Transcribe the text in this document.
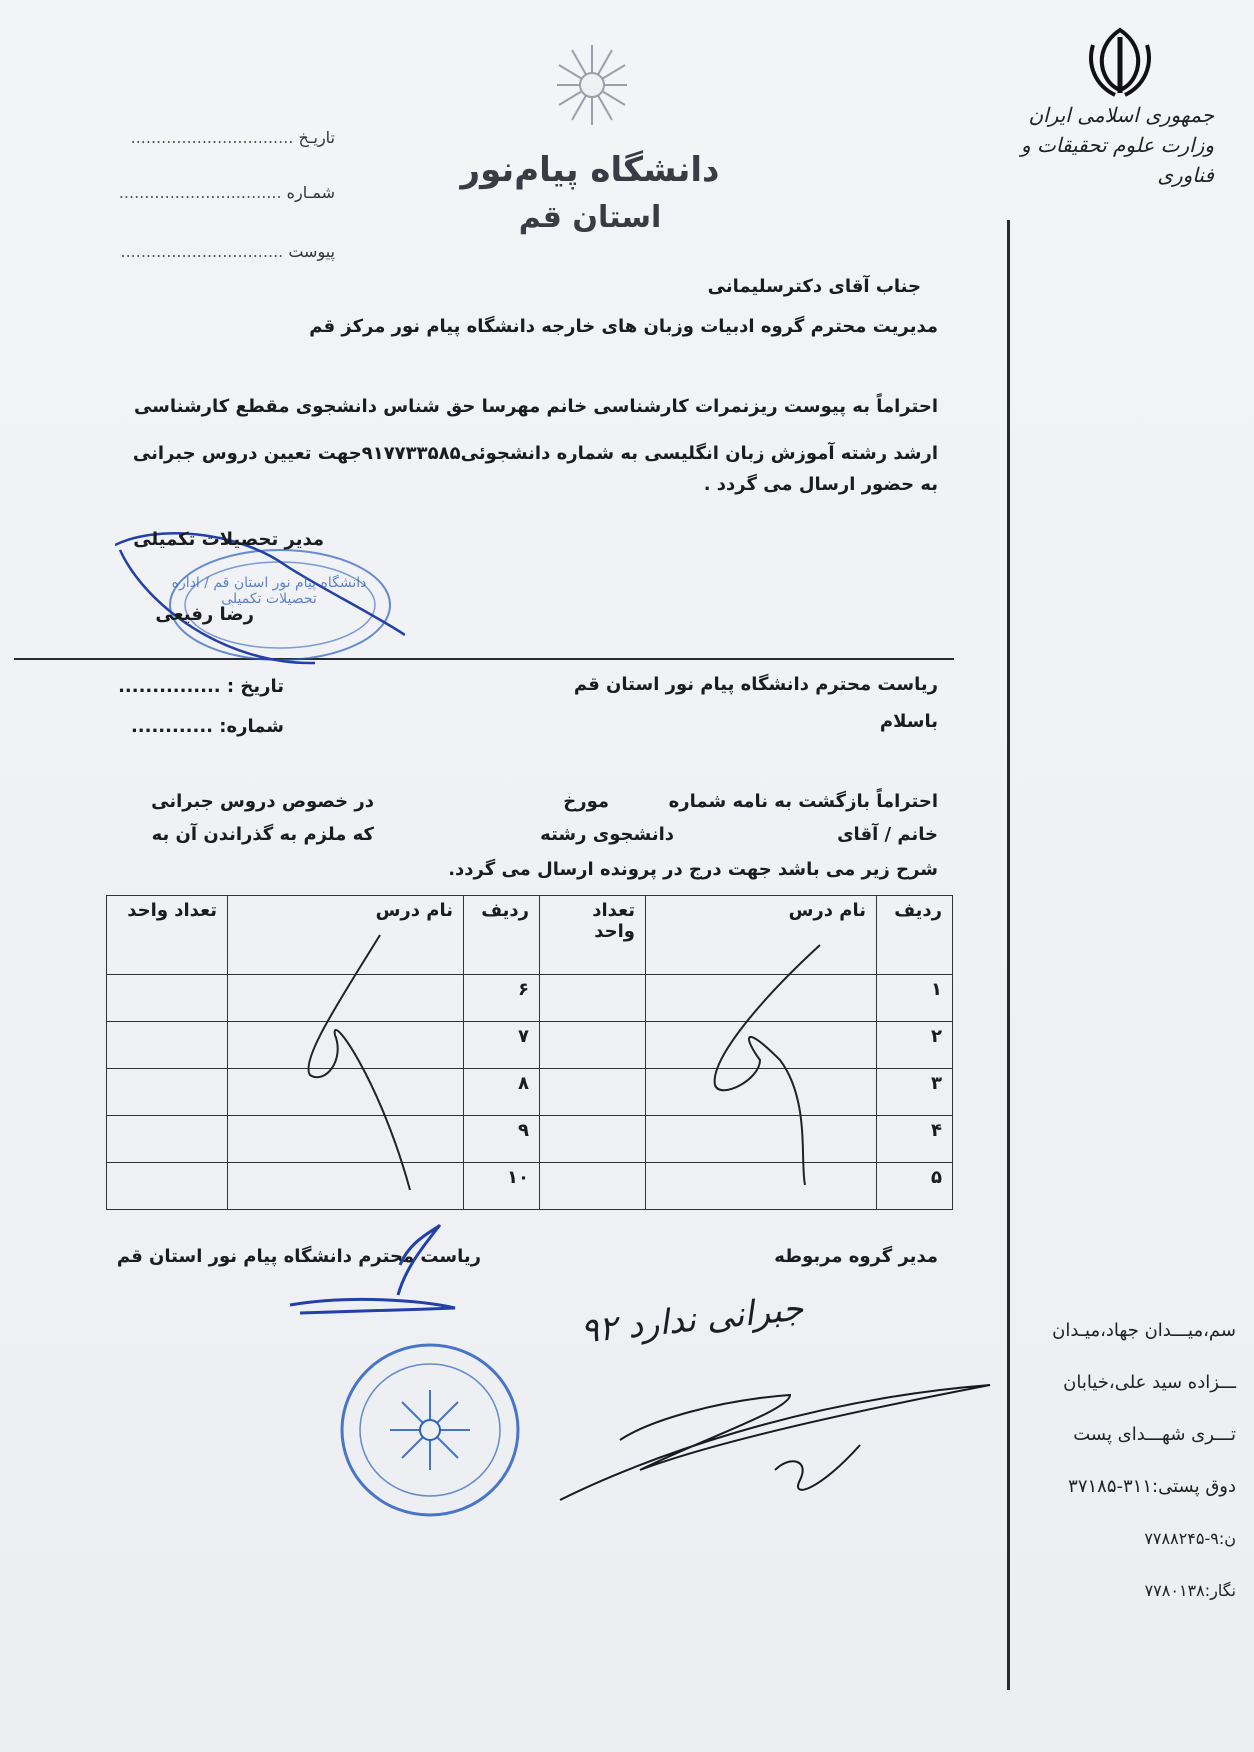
جمهوری اسلامی ایران
وزارت علوم تحقیقات و فناوری
دانشگاه پیام‌نور
استان قم
تاریـخ ................................
شمـاره ................................
پیوست ................................
جناب آقای دکترسلیمانی
مدیریت محترم گروه ادبیات وزبان های خارجه دانشگاه پیام نور مرکز قم
احتراماً به پیوست ریزنمرات کارشناسی خانم مهرسا حق شناس دانشجوی مقطع کارشناسی
ارشد رشته آموزش زبان انگلیسی به شماره دانشجوئی۹۱۷۷۳۳۵۸۵جهت تعیین دروس جبرانی
به حضور ارسال می گردد .
مدیر تحصیلات تکمیلی
رضا رفیعی
دانشگاه پیام نور استان قم / اداره تحصیلات تکمیلی
ریاست محترم دانشگاه پیام نور استان قم
باسلام
تاریخ : ...............
شماره: ............
احتراماً بازگشت به نامه شماره
مورخ
در خصوص دروس جبرانی
خانم / آقای
دانشجوی رشته
که ملزم به گذراندن آن به
شرح زیر می باشد جهت درج در پرونده ارسال می گردد.
ردیف	نام درس	تعداد واحد	ردیف	نام درس	تعداد واحد
۱			۶		
۲			۷		
۳			۸		
۴			۹		
۵			۱۰		
مدیر گروه مربوطه
ریاست محترم دانشگاه پیام نور استان قم
جبرانی ندارد ۹۲	سم،میـــدان جهاد،میـدان
ـــزاده سید علی،خیابان
تـــری شهـــدای پست
دوق پستی:۳۱۱-۳۷۱۸۵
ن:۹-۷۷۸۸۲۴۵
نگار:۷۷۸۰۱۳۸
